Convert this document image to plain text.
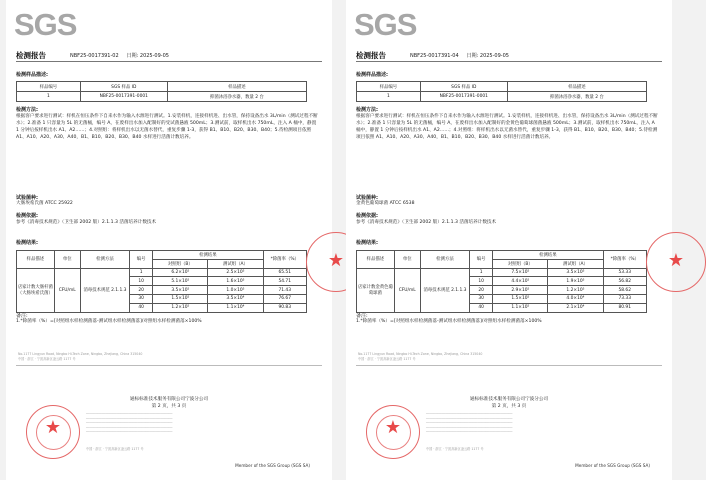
SGS
检测报告	NBF25-0017391-02     日期: 2025-09-05
检测样品描述:
样品编号	SGS 样品 ID	样品描述
1	NBF25-0017391-0001	抑菌沐浴净水器，数量 2 台
检测方法:
根据客户要求进行测试：样机在恒压条件下自来水作为输入水源进行测试。1.安装样机，连接样机进、出水管，保持设备出水 3L/min（测试过程不断水）；2.准备 1 只容量为 5L 的无菌桶，编号 A，在废样出水加入配制好的受试菌悬液 500mL；3.测试前，取样机出水 750mL，注入 A 桶中，静置 1 分钟后按样机出水 A1、A2……；4.对照组：将样机出水以无菌水替代，重复步骤 1-3，获得 B1、B10、B20、B30、B40；5.待检测项目依照 A1、A10、A20、A30、A40，B1、B10、B20、B30、B40 水样进行活菌计数培养。
试验菌种:
大肠埃希氏菌 ATCC 25922
检测依据:
参考《消毒技术规范》（卫生部 2002 版）2.1.1.3 活菌培养计数技术
检测结果:
样品描述	单位	检测方法	编号	检测结果		*除菌率（%）
				对照组（B）	测试组（A）	
店家计数大肠杆菌（大肠埃希氏菌）	CFU/mL	消毒技术规范 2.1.1.3	1	6.2×10⁵	2.5×10⁵	65.51
			10	5.1×10⁵	1.6×10⁵	54.71
			20	3.5×10⁵	1.0×10⁵	71.43
			30	1.5×10⁵	3.5×10⁴	76.67
			40	1.2×10⁵	1.1×10⁴	90.83
备注:
1.*除菌率（%）=[对照组水样检测菌落-测试组水样检测菌落]/对照组水样检测菌落×100%
★
No.1177 Lingyun Road, Ningbo Hi-Tech Zone, Ningbo, Zhejiang, China 315040
中国 · 浙江 · 宁波高新区凌云路 1177 号
通标标准技术服务有限公司宁波分公司
第 2 页，共 3 页
★
─────────────────────────────────────────────
─────────────────────────────────────────────
─────────────────────────────────────────────
─────────────────────────────────────────────
─────────────────────────────────────────────
中国 · 浙江 · 宁波高新区凌云路 1177 号
Member of the SGS Group (SGS SA)
SGS
检测报告	NBF25-0017391-04     日期: 2025-09-05
检测样品描述:
样品编号	SGS 样品 ID	样品描述
1	NBF25-0017391-0001	抑菌沐浴净水器，数量 2 台
检测方法:
根据客户要求进行测试：样机在恒压条件下自来水作为输入水源进行测试。1.安装样机，连接样机进、出水管，保持设备出水 3L/min（测试过程不断水）；2.准备 1 只容量为 5L 的无菌桶，编号 A，在废样出水加入配制好的金黄色葡萄球菌菌悬液 500mL；3.测试前，取样机出水 750mL，注入 A 桶中，静置 1 分钟后按样机出水 A1、A2……；4.对照组：将样机出水以无菌水替代，重复步骤 1-3，获得 B1、B10、B20、B30、B40；5.待检测项目依照 A1、A10、A20、A30、A40，B1、B10、B20、B30、B40 水样进行活菌计数培养。
试验菌种:
金黄色葡萄球菌 ATCC 6538
检测依据:
参考《消毒技术规范》（卫生部 2002 版）2.1.1.3 活菌培养计数技术
检测结果:
样品描述	单位	检测方法	编号	检测结果		*除菌率（%）
				对照组（B）	测试组（A）	
店家计数金黄色葡萄球菌	CFU/mL	消毒技术规范 2.1.1.3	1	7.5×10⁵	3.5×10⁵	53.33
			10	4.4×10⁵	1.9×10⁵	56.82
			20	2.9×10⁵	1.2×10⁵	58.62
			30	1.5×10⁵	4.0×10⁴	73.33
			40	1.1×10⁵	2.1×10⁴	80.91
备注:
1.*除菌率（%）=[对照组水样检测菌落-测试组水样检测菌落]/对照组水样检测菌落×100%
★
No.1177 Lingyun Road, Ningbo Hi-Tech Zone, Ningbo, Zhejiang, China 315040
中国 · 浙江 · 宁波高新区凌云路 1177 号
通标标准技术服务有限公司宁波分公司
第 2 页，共 3 页
★
─────────────────────────────────────────────
─────────────────────────────────────────────
─────────────────────────────────────────────
─────────────────────────────────────────────
─────────────────────────────────────────────
中国 · 浙江 · 宁波高新区凌云路 1177 号
Member of the SGS Group (SGS SA)
